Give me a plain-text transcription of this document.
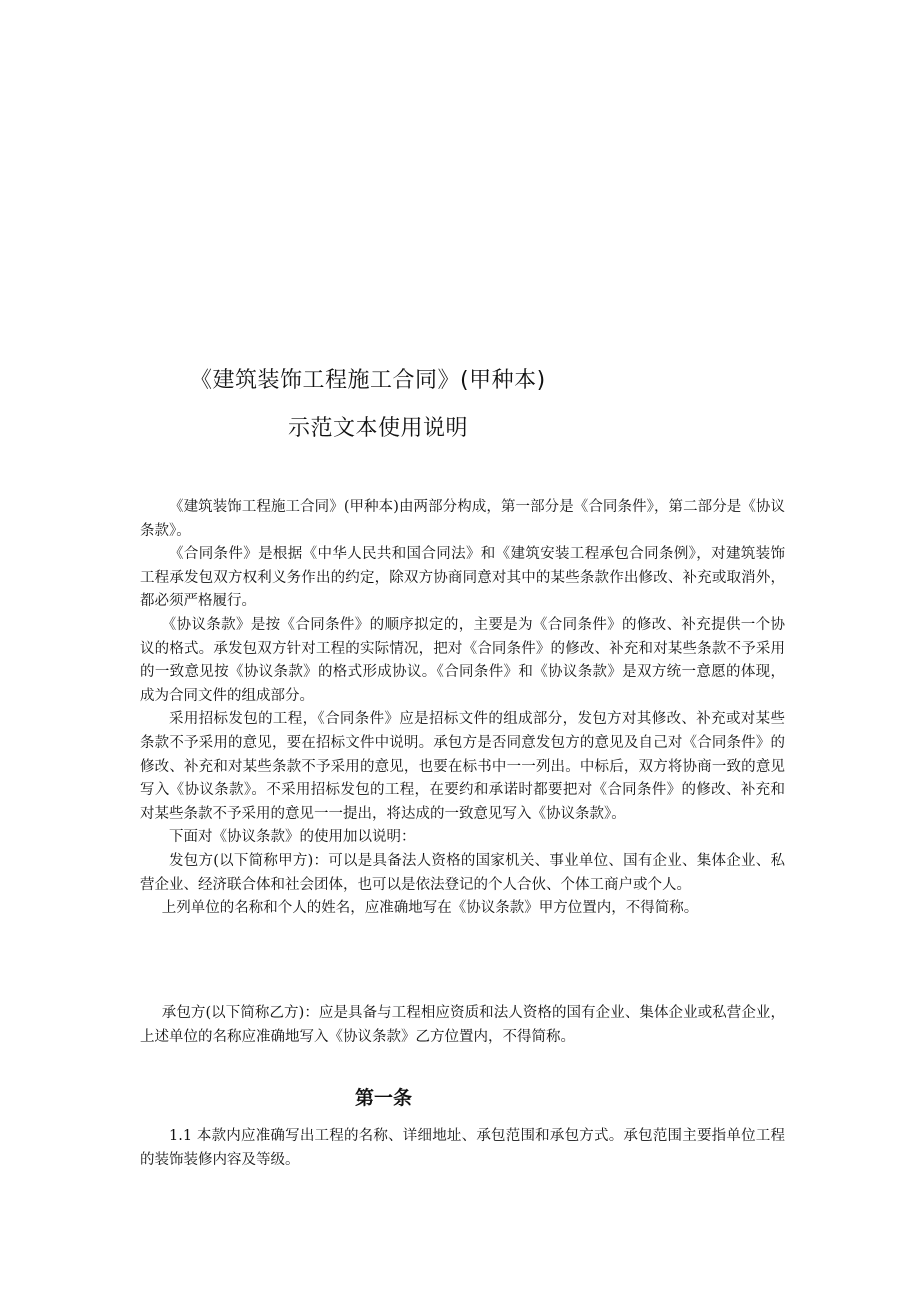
《建筑装饰工程施工合同》(甲种本)
示范文本使用说明

《建筑装饰工程施工合同》(甲种本)由两部分构成，第一部分是《合同条件》，第二部分是《协议条款》。

《合同条件》是根据《中华人民共和国合同法》和《建筑安装工程承包合同条例》，对建筑装饰工程承发包双方权利义务作出的约定，除双方协商同意对其中的某些条款作出修改、补充或取消外，都必须严格履行。

《协议条款》是按《合同条件》的顺序拟定的，主要是为《合同条件》的修改、补充提供一个协议的格式。承发包双方针对工程的实际情况，把对《合同条件》的修改、补充和对某些条款不予采用的一致意见按《协议条款》的格式形成协议。《合同条件》和《协议条款》是双方统一意愿的体现，成为合同文件的组成部分。

采用招标发包的工程，《合同条件》应是招标文件的组成部分，发包方对其修改、补充或对某些条款不予采用的意见，要在招标文件中说明。承包方是否同意发包方的意见及自己对《合同条件》的修改、补充和对某些条款不予采用的意见，也要在标书中一一列出。中标后，双方将协商一致的意见写入《协议条款》。不采用招标发包的工程，在要约和承诺时都要把对《合同条件》的修改、补充和对某些条款不予采用的意见一一提出，将达成的一致意见写入《协议条款》。

下面对《协议条款》的使用加以说明：

发包方(以下简称甲方)：可以是具备法人资格的国家机关、事业单位、国有企业、集体企业、私营企业、经济联合体和社会团体，也可以是依法登记的个人合伙、个体工商户或个人。

上列单位的名称和个人的姓名，应准确地写在《协议条款》甲方位置内，不得简称。

承包方(以下简称乙方)：应是具备与工程相应资质和法人资格的国有企业、集体企业或私营企业，上述单位的名称应准确地写入《协议条款》乙方位置内，不得简称。

第一条

1.1 本款内应准确写出工程的名称、详细地址、承包范围和承包方式。承包范围主要指单位工程的装饰装修内容及等级。
